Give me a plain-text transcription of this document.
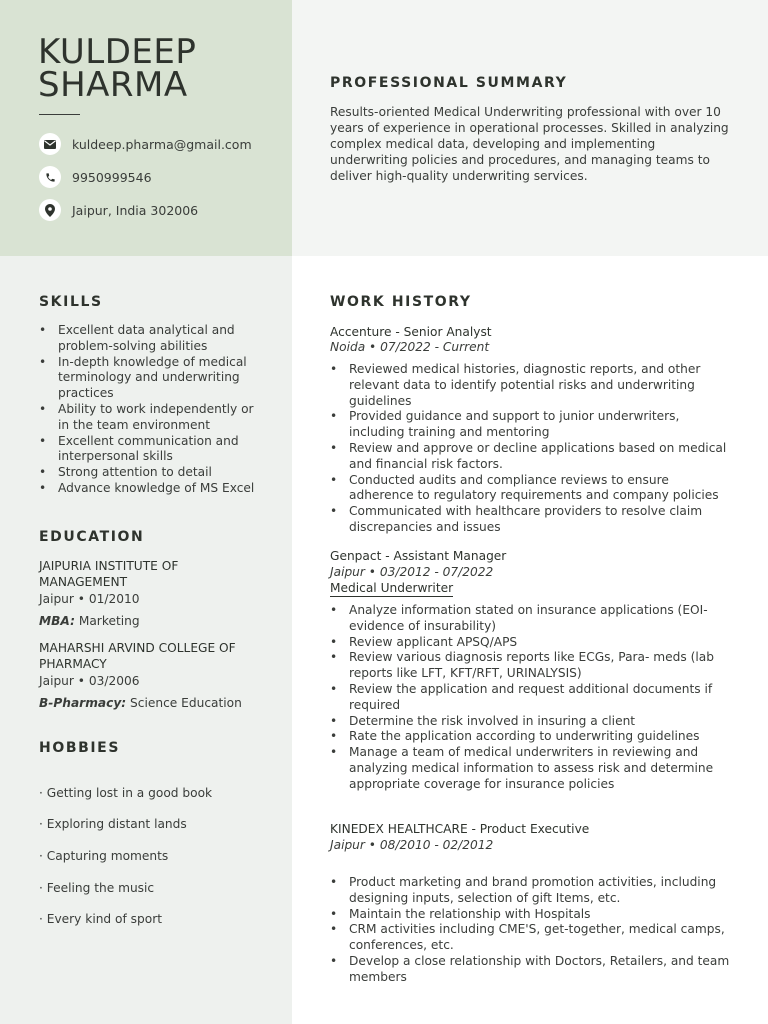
KULDEEP
SHARMA
kuldeep.pharma@gmail.com
9950999546
Jaipur, India 302006
PROFESSIONAL SUMMARY
Results-oriented Medical Underwriting professional with over 10 years of experience in operational processes. Skilled in analyzing complex medical data, developing and implementing underwriting policies and procedures, and managing teams to deliver high-quality underwriting services.
SKILLS
• Excellent data analytical and problem-solving abilities
• In-depth knowledge of medical terminology and underwriting practices
• Ability to work independently or in the team environment
• Excellent communication and interpersonal skills
• Strong attention to detail
• Advance knowledge of MS Excel
EDUCATION
JAIPURIA INSTITUTE OF MANAGEMENT
Jaipur • 01/2010
MBA: Marketing
MAHARSHI ARVIND COLLEGE OF PHARMACY
Jaipur • 03/2006
B-Pharmacy: Science Education
HOBBIES
· Getting lost in a good book
· Exploring distant lands
· Capturing moments
· Feeling the music
· Every kind of sport
WORK HISTORY
Accenture - Senior Analyst
Noida • 07/2022 - Current
• Reviewed medical histories, diagnostic reports, and other relevant data to identify potential risks and underwriting guidelines
• Provided guidance and support to junior underwriters, including training and mentoring
• Review and approve or decline applications based on medical and financial risk factors.
• Conducted audits and compliance reviews to ensure adherence to regulatory requirements and company policies
• Communicated with healthcare providers to resolve claim discrepancies and issues
Genpact - Assistant Manager
Jaipur • 03/2012 - 07/2022
Medical Underwriter
• Analyze information stated on insurance applications (EOI- evidence of insurability)
• Review applicant APSQ/APS
• Review various diagnosis reports like ECGs, Para- meds (lab reports like LFT, KFT/RFT, URINALYSIS)
• Review the application and request additional documents if required
• Determine the risk involved in insuring a client
• Rate the application according to underwriting guidelines
• Manage a team of medical underwriters in reviewing and analyzing medical information to assess risk and determine appropriate coverage for insurance policies
KINEDEX HEALTHCARE - Product Executive
Jaipur • 08/2010 - 02/2012
• Product marketing and brand promotion activities, including designing inputs, selection of gift Items, etc.
• Maintain the relationship with Hospitals
• CRM activities including CME'S, get-together, medical camps, conferences, etc.
• Develop a close relationship with Doctors, Retailers, and team members
